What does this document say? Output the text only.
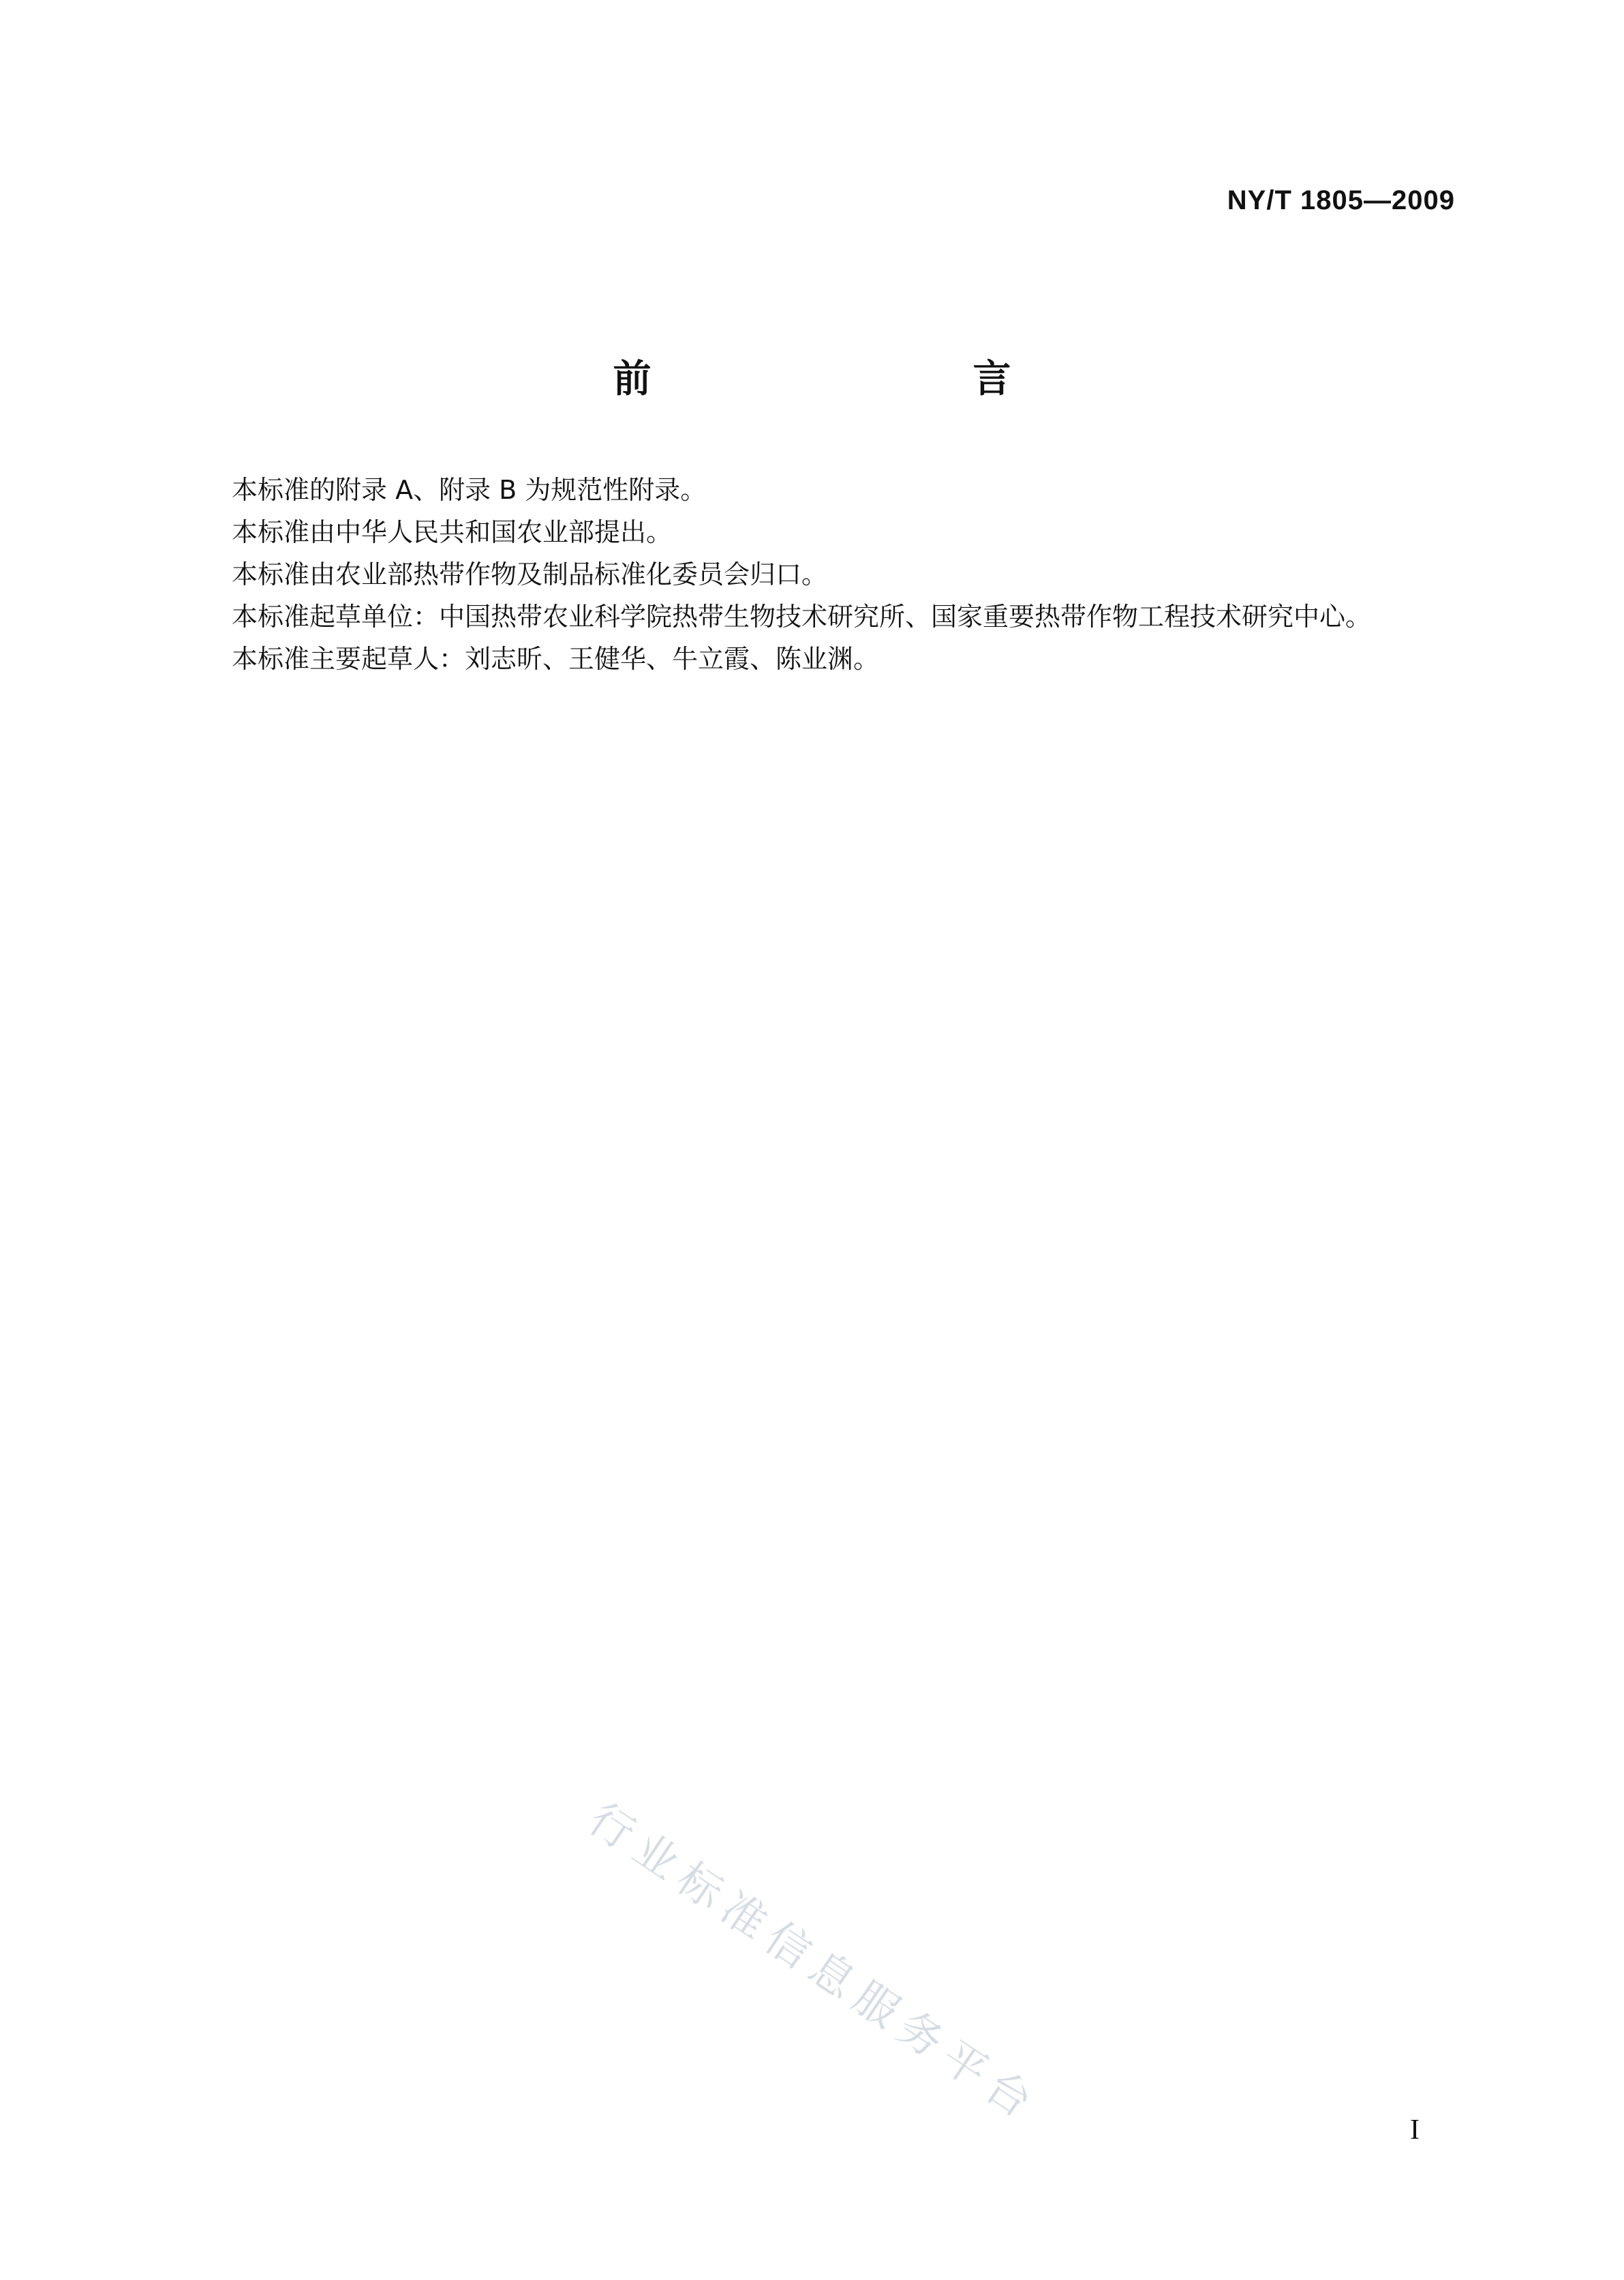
NY/T 1805—2009
前　　言

本标准的附录 A、附录 B 为规范性附录。

本标准由中华人民共和国农业部提出。

本标准由农业部热带作物及制品标准化委员会归口。

本标准起草单位：中国热带农业科学院热带生物技术研究所、国家重要热带作物工程技术研究中心。

本标准主要起草人：刘志昕、王健华、牛立霞、陈业渊。

行业标准信息服务平台	I
